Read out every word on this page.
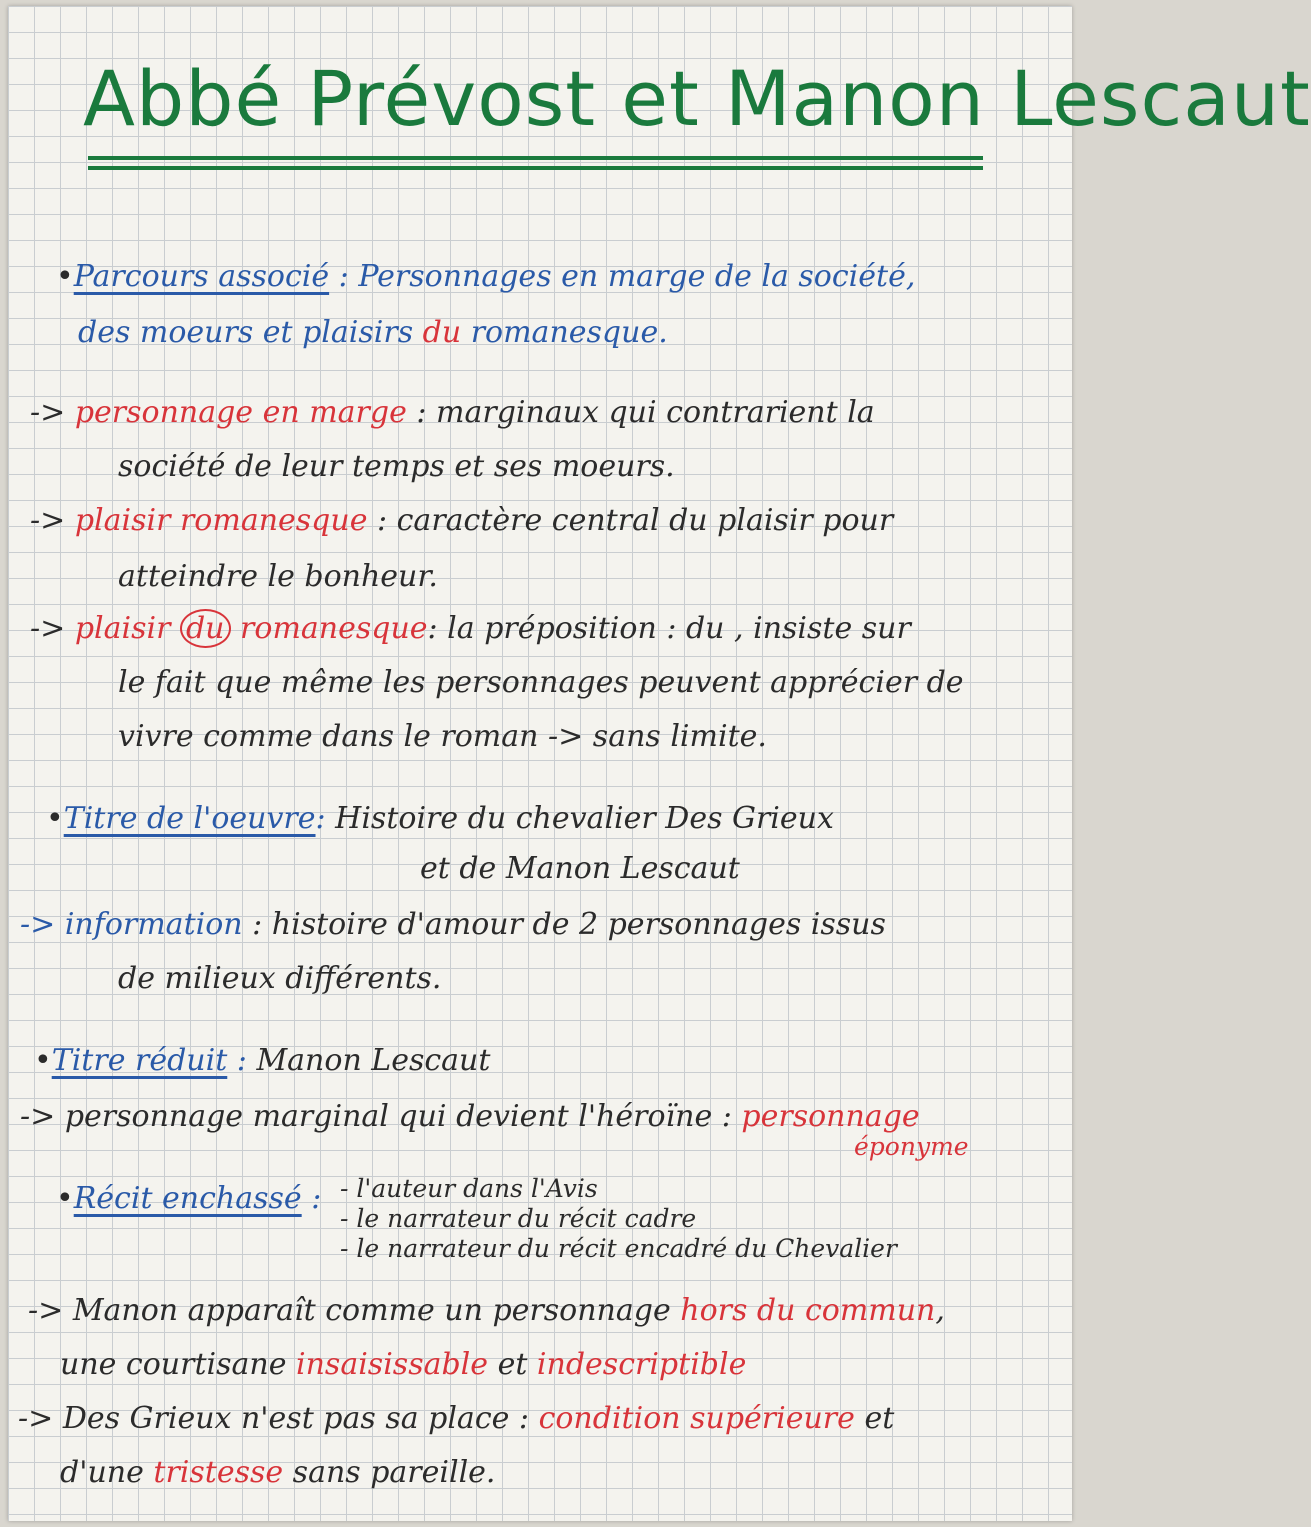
Abbé Prévost et Manon Lescaut
•Parcours associé : Personnages en marge de la société,
des moeurs et plaisirs du romanesque.
-> personnage en marge : marginaux qui contrarient la
société de leur temps et ses moeurs.
-> plaisir romanesque : caractère central du plaisir pour
atteindre le bonheur.
-> plaisir du romanesque: la préposition : du , insiste sur
le fait que même les personnages peuvent apprécier de
vivre comme dans le roman -> sans limite.
•Titre de l'oeuvre: Histoire du chevalier Des Grieux
et de Manon Lescaut
-> information : histoire d'amour de 2 personnages issus
de milieux différents.
•Titre réduit : Manon Lescaut
-> personnage marginal qui devient l'héroïne : personnage
éponyme
•Récit enchassé : - l'auteur dans l'Avis
- le narrateur du récit cadre
- le narrateur du récit encadré du Chevalier
-> Manon apparaît comme un personnage hors du commun,
une courtisane insaisissable et indescriptible
-> Des Grieux n'est pas sa place : condition supérieure et
d'une tristesse sans pareille.
